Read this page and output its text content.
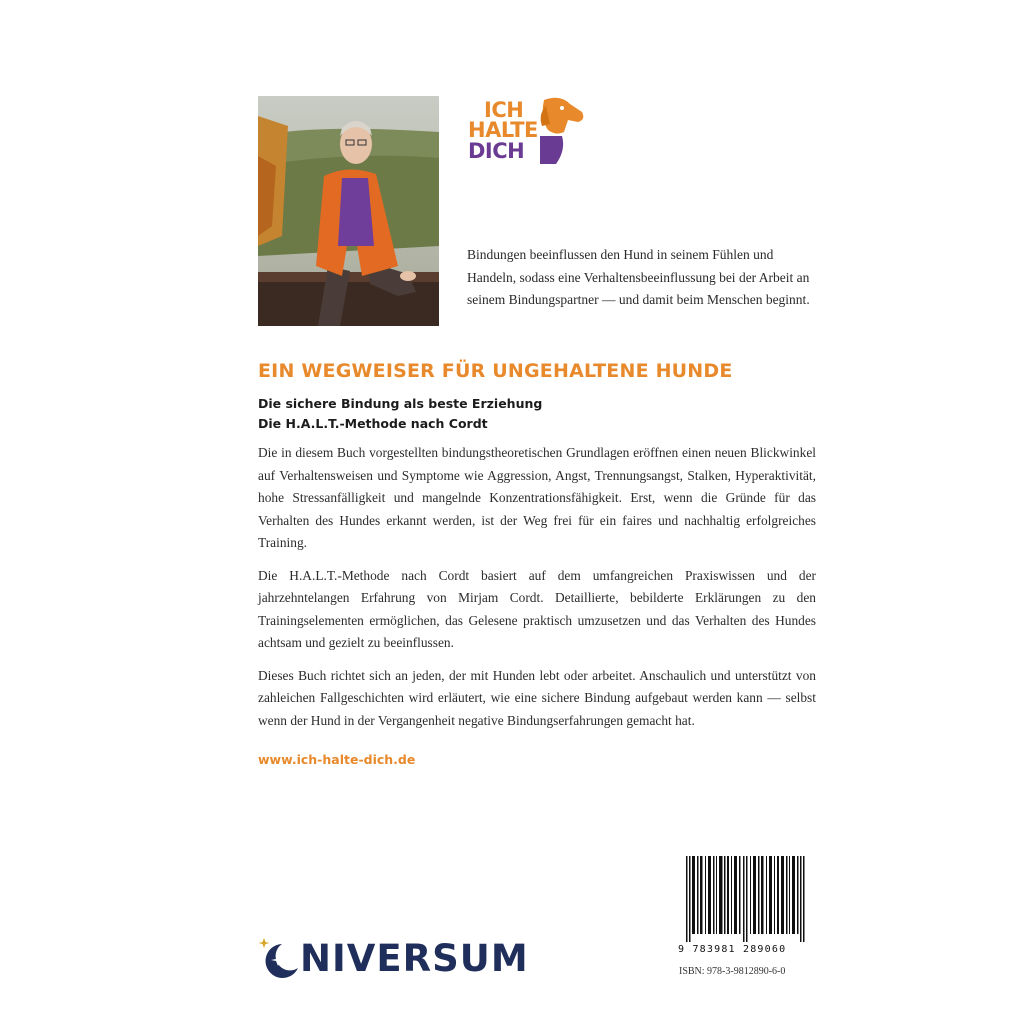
ICH
HALTE
DICH
Bindungen beeinflussen den Hund in seinem Fühlen und Handeln, sodass eine Verhaltensbeeinflussung bei der Arbeit an seinem Bindungspartner — und damit beim Menschen beginnt.
EIN WEGWEISER FÜR UNGEHALTENE HUNDE
Die sichere Bindung als beste Erziehung
Die H.A.L.T.-Methode nach Cordt

Die in diesem Buch vorgestellten bindungstheoretischen Grundlagen eröffnen einen neuen Blickwinkel auf Verhaltensweisen und Symptome wie Aggression, Angst, Trennungsangst, Stalken, Hyperaktivität, hohe Stressanfälligkeit und mangelnde Konzentrationsfähigkeit. Erst, wenn die Gründe für das Verhalten des Hundes erkannt werden, ist der Weg frei für ein faires und nachhaltig erfolgreiches Training.

Die H.A.L.T.-Methode nach Cordt basiert auf dem umfangreichen Praxiswissen und der jahrzehntelangen Erfahrung von Mirjam Cordt. Detaillierte, bebilderte Erklärungen zu den Trainingselementen ermöglichen, das Gelesene praktisch umzusetzen und das Verhalten des Hundes achtsam und gezielt zu beeinflussen.

Dieses Buch richtet sich an jeden, der mit Hunden lebt oder arbeitet. Anschaulich und unterstützt von zahleichen Fallgeschichten wird erläutert, wie eine sichere Bindung aufgebaut werden kann — selbst wenn der Hund in der Vergangenheit negative Bindungserfahrungen gemacht hat.

www.ich-halte-dich.de
NIVERSUM	9 783981 289060
ISBN: 978-3-9812890-6-0
